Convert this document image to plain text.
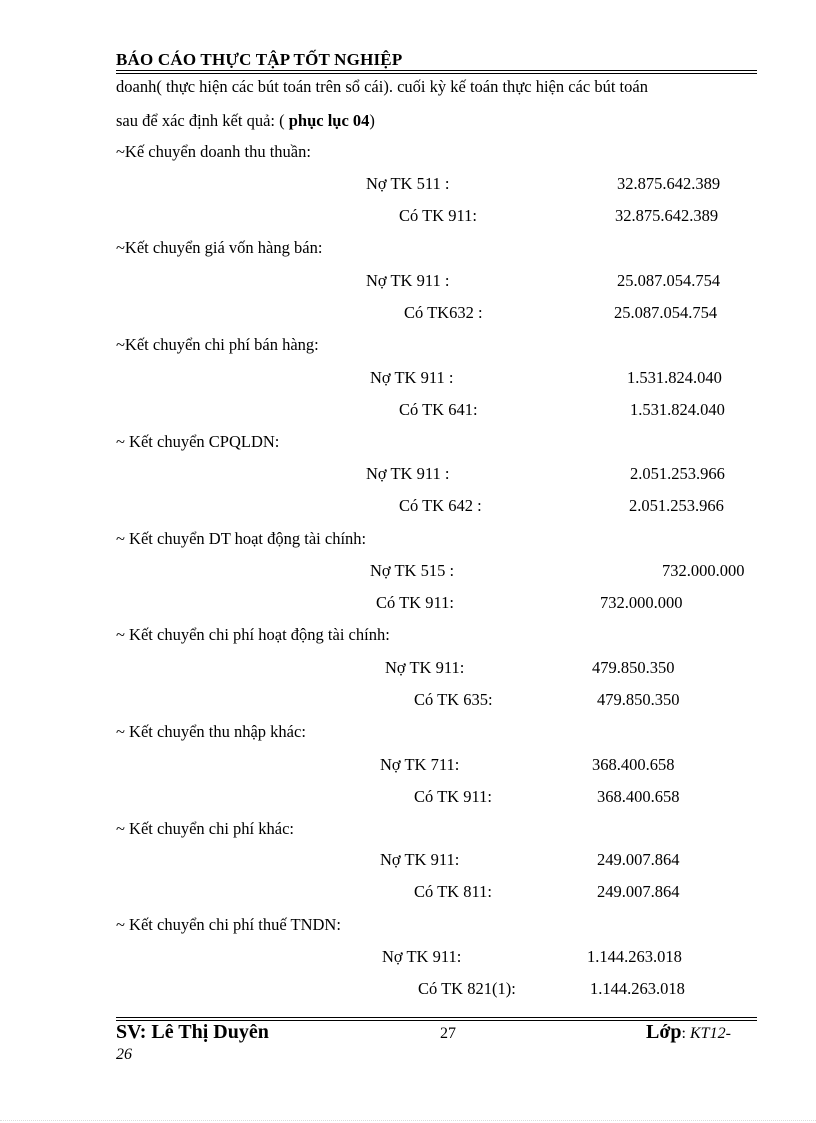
BÁO CÁO THỰC TẬP TỐT NGHIỆP
doanh( thực hiện các bút toán trên sổ cái). cuối kỳ kế toán thực hiện các bút toán
sau để xác định kết quả: ( phục lục 04)
~Kế chuyển doanh thu thuần:
Nợ TK 511 :	32.875.642.389
Có TK 911:	32.875.642.389
~Kết chuyển giá vốn hàng bán:
Nợ TK 911 :	25.087.054.754
Có TK632 :	25.087.054.754
~Kết chuyển chi phí bán hàng:
Nợ TK 911 :	1.531.824.040
Có TK 641:	1.531.824.040
~ Kết chuyển CPQLDN:
Nợ TK 911 :	2.051.253.966
Có TK 642 :	2.051.253.966
~ Kết chuyển DT hoạt động tài chính:
Nợ TK 515 :	732.000.000
Có TK 911:	732.000.000
~ Kết chuyển chi phí hoạt động tài chính:
Nợ TK 911:	479.850.350
Có TK 635:	479.850.350
~ Kết chuyển thu nhập khác:
Nợ TK 711:	368.400.658
Có TK 911:	368.400.658
~ Kết chuyển chi phí khác:
Nợ TK 911:	249.007.864
Có TK 811:	249.007.864
~ Kết chuyển chi phí thuế TNDN:
Nợ TK 911:	1.144.263.018
Có TK 821(1):	1.144.263.018
SV: Lê Thị Duyên	27	Lớp: KT12-
26
